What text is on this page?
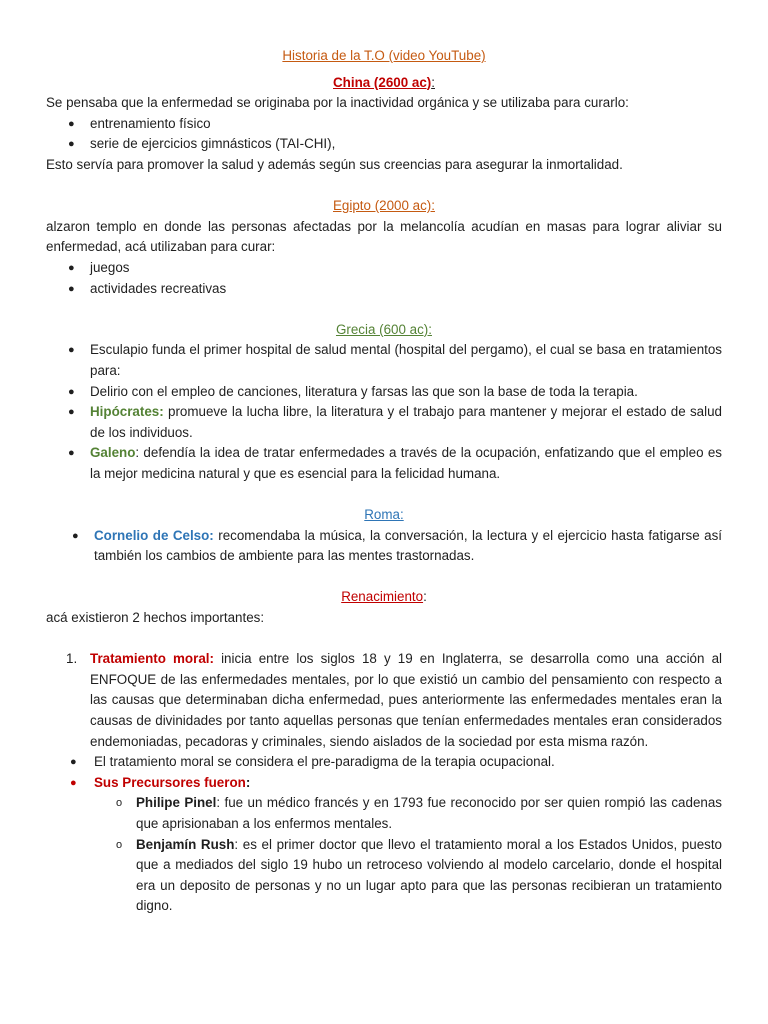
Historia de la T.O (video YouTube)
China (2600 ac):
Se pensaba que la enfermedad se originaba por la inactividad orgánica y se utilizaba para curarlo:
● entrenamiento físico
● serie de ejercicios gimnásticos (TAI-CHI),
Esto servía para promover la salud y además según sus creencias para asegurar la inmortalidad.
Egipto (2000 ac):
alzaron templo en donde las personas afectadas por la melancolía acudían en masas para lograr aliviar su enfermedad, acá utilizaban para curar:
● juegos
● actividades recreativas
Grecia (600 ac):
● Esculapio funda el primer hospital de salud mental (hospital del pergamo), el cual se basa en tratamientos para:
● Delirio con el empleo de canciones, literatura y farsas las que son la base de toda la terapia.
● Hipócrates: promueve la lucha libre, la literatura y el trabajo para mantener y mejorar el estado de salud de los individuos.
● Galeno: defendía la idea de tratar enfermedades a través de la ocupación, enfatizando que el empleo es la mejor medicina natural y que es esencial para la felicidad humana.
Roma:
● Cornelio de Celso: recomendaba la música, la conversación, la lectura y el ejercicio hasta fatigarse así también los cambios de ambiente para las mentes trastornadas.
Renacimiento:
acá existieron 2 hechos importantes:
1. Tratamiento moral: inicia entre los siglos 18 y 19 en Inglaterra, se desarrolla como una acción al ENFOQUE de las enfermedades mentales, por lo que existió un cambio del pensamiento con respecto a las causas que determinaban dicha enfermedad, pues anteriormente las enfermedades mentales eran la causas de divinidades por tanto aquellas personas que tenían enfermedades mentales eran considerados endemoniadas, pecadoras y criminales, siendo aislados de la sociedad por esta misma razón.
● El tratamiento moral se considera el pre-paradigma de la terapia ocupacional.
● Sus Precursores fueron:
o Philipe Pinel: fue un médico francés y en 1793 fue reconocido por ser quien rompió las cadenas que aprisionaban a los enfermos mentales.
o Benjamín Rush: es el primer doctor que llevo el tratamiento moral a los Estados Unidos, puesto que a mediados del siglo 19 hubo un retroceso volviendo al modelo carcelario, donde el hospital era un deposito de personas y no un lugar apto para que las personas recibieran un tratamiento digno.
